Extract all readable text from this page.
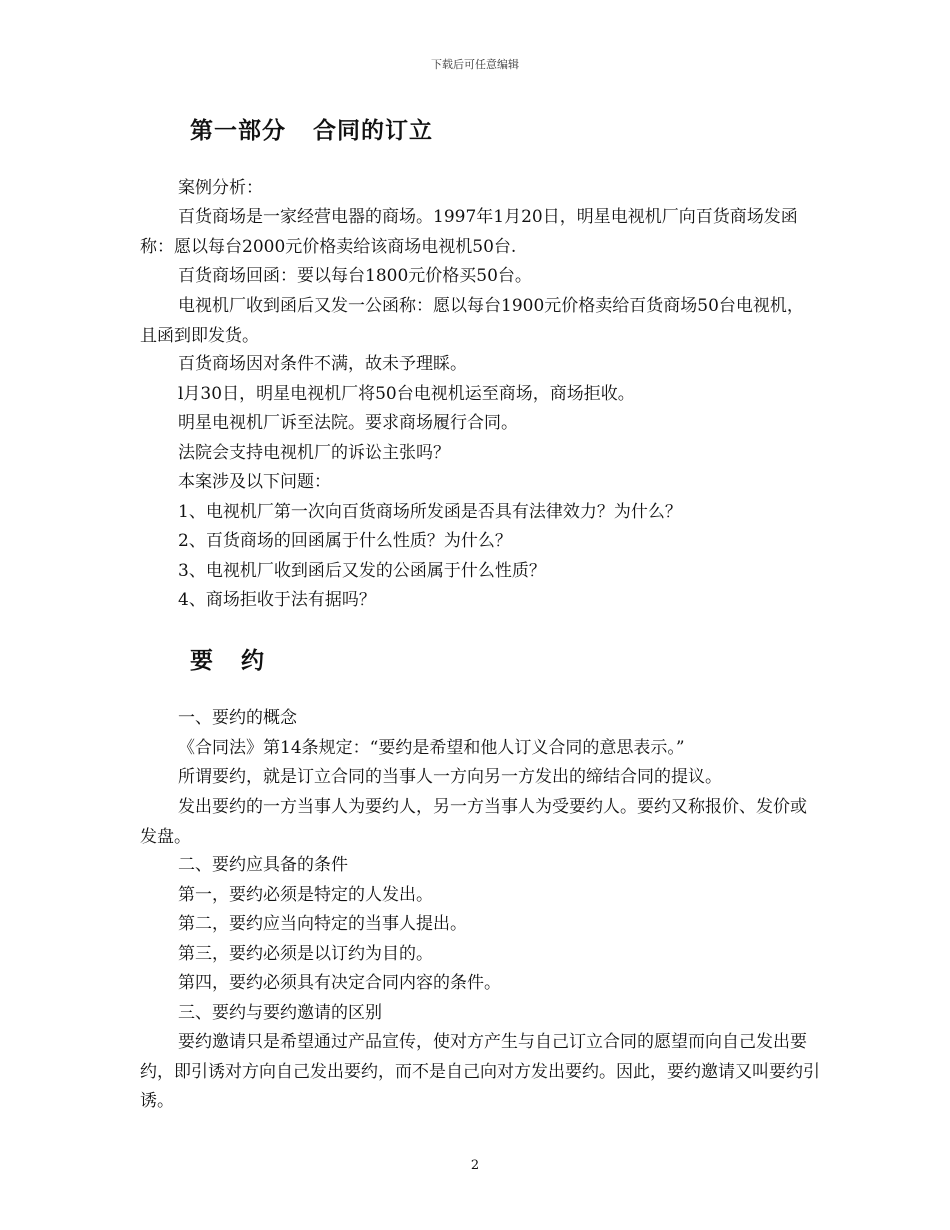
下载后可任意编辑
第一部分   合同的订立

案例分析：

百货商场是一家经营电器的商场。1997年1月20日，明星电视机厂向百货商场发函称：愿以每台2000元价格卖给该商场电视机50台.

百货商场回函：要以每台1800元价格买50台。

电视机厂收到函后又发一公函称：愿以每台1900元价格卖给百货商场50台电视机，且函到即发货。

百货商场因对条件不满，故未予理睬。

l月30日，明星电视机厂将50台电视机运至商场，商场拒收。

明星电视机厂诉至法院。要求商场履行合同。

法院会支持电视机厂的诉讼主张吗？

本案涉及以下问题：

1、电视机厂第一次向百货商场所发函是否具有法律效力？为什么？

2、百货商场的回函属于什么性质？为什么？

3、电视机厂收到函后又发的公函属于什么性质？

4、商场拒收于法有据吗？

要   约

一、要约的概念

《合同法》第14条规定：“要约是希望和他人订义合同的意思表示。”

所谓要约，就是订立合同的当事人一方向另一方发出的缔结合同的提议。

发出要约的一方当事人为要约人，另一方当事人为受要约人。要约又称报价、发价或发盘。

二、要约应具备的条件

第一，要约必须是特定的人发出。

第二，要约应当向特定的当事人提出。

第三，要约必须是以订约为目的。

第四，要约必须具有决定合同内容的条件。

三、要约与要约邀请的区别

要约邀请只是希望通过产品宣传，使对方产生与自己订立合同的愿望而向自己发出要约，即引诱对方向自己发出要约，而不是自己向对方发出要约。因此，要约邀请又叫要约引诱。

2
